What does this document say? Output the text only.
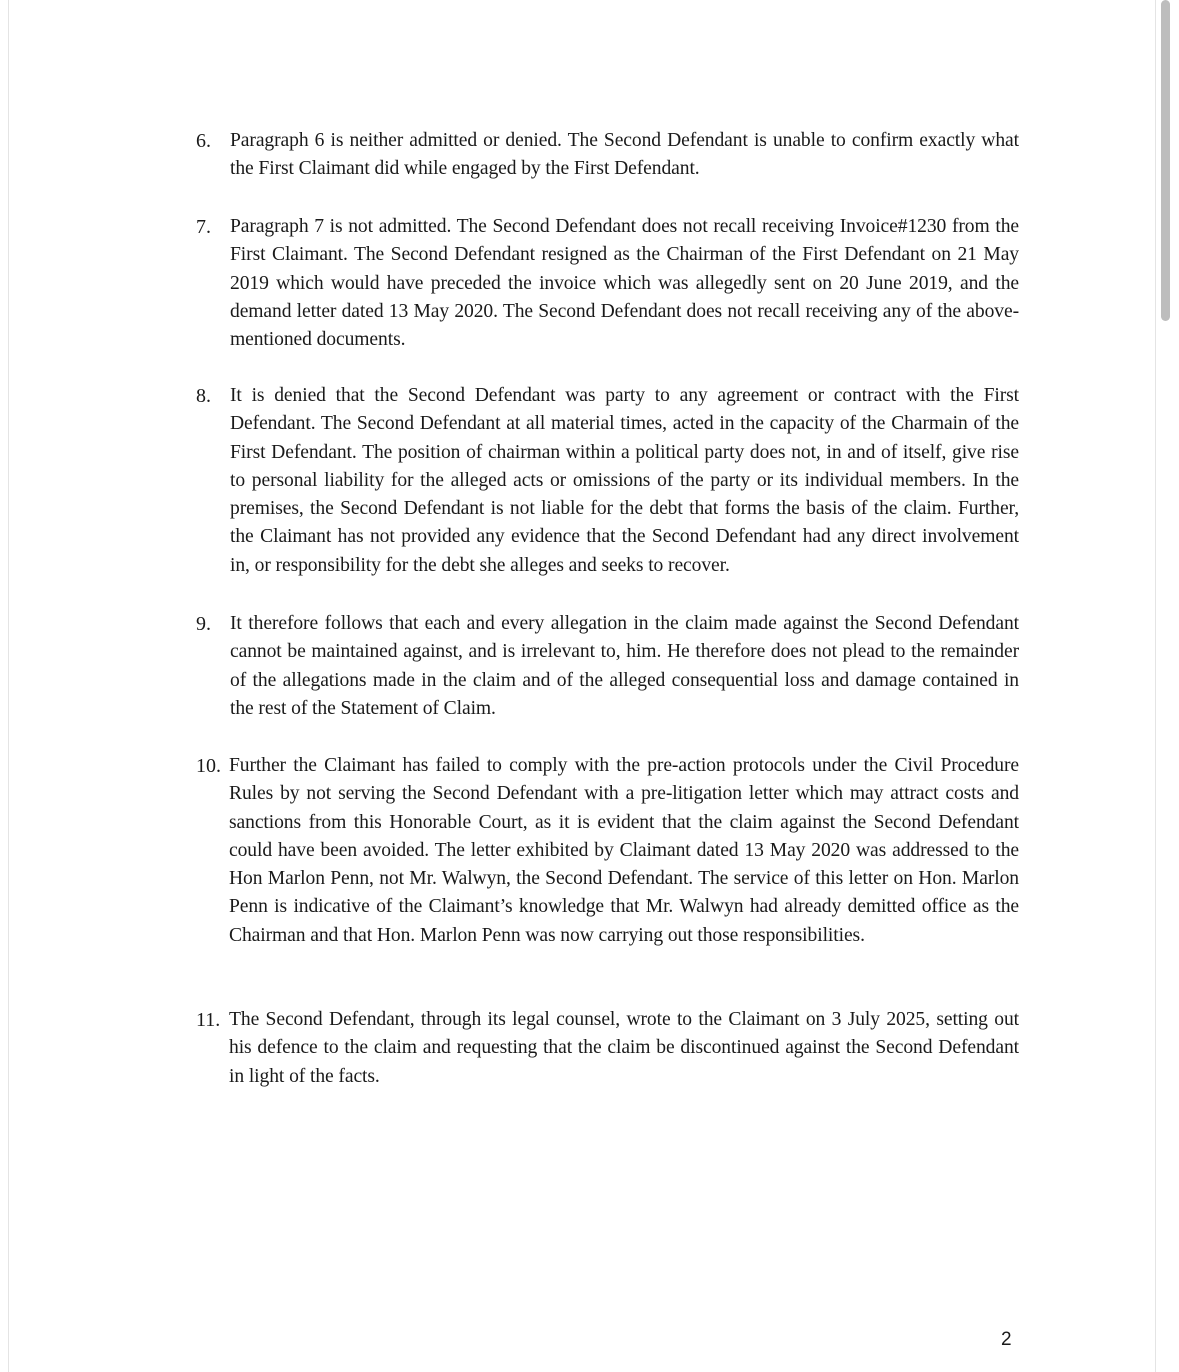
6. Paragraph 6 is neither admitted or denied. The Second Defendant is unable to confirm exactly what the First Claimant did while engaged by the First Defendant.
7. Paragraph 7 is not admitted. The Second Defendant does not recall receiving Invoice#1230 from the First Claimant. The Second Defendant resigned as the Chairman of the First Defendant on 21 May 2019 which would have preceded the invoice which was allegedly sent on 20 June 2019, and the demand letter dated 13 May 2020. The Second Defendant does not recall receiving any of the above-mentioned documents.
8. It is denied that the Second Defendant was party to any agreement or contract with the First Defendant. The Second Defendant at all material times, acted in the capacity of the Charmain of the First Defendant. The position of chairman within a political party does not, in and of itself, give rise to personal liability for the alleged acts or omissions of the party or its individual members. In the premises, the Second Defendant is not liable for the debt that forms the basis of the claim. Further, the Claimant has not provided any evidence that the Second Defendant had any direct involvement in, or responsibility for the debt she alleges and seeks to recover.
9. It therefore follows that each and every allegation in the claim made against the Second Defendant cannot be maintained against, and is irrelevant to, him. He therefore does not plead to the remainder of the allegations made in the claim and of the alleged consequential loss and damage contained in the rest of the Statement of Claim.
10. Further the Claimant has failed to comply with the pre-action protocols under the Civil Procedure Rules by not serving the Second Defendant with a pre-litigation letter which may attract costs and sanctions from this Honorable Court, as it is evident that the claim against the Second Defendant could have been avoided. The letter exhibited by Claimant dated 13 May 2020 was addressed to the Hon Marlon Penn, not Mr. Walwyn, the Second Defendant. The service of this letter on Hon. Marlon Penn is indicative of the Claimant’s knowledge that Mr. Walwyn had already demitted office as the Chairman and that Hon. Marlon Penn was now carrying out those responsibilities.
11. The Second Defendant, through its legal counsel, wrote to the Claimant on 3 July 2025, setting out his defence to the claim and requesting that the claim be discontinued against the Second Defendant in light of the facts.
2
